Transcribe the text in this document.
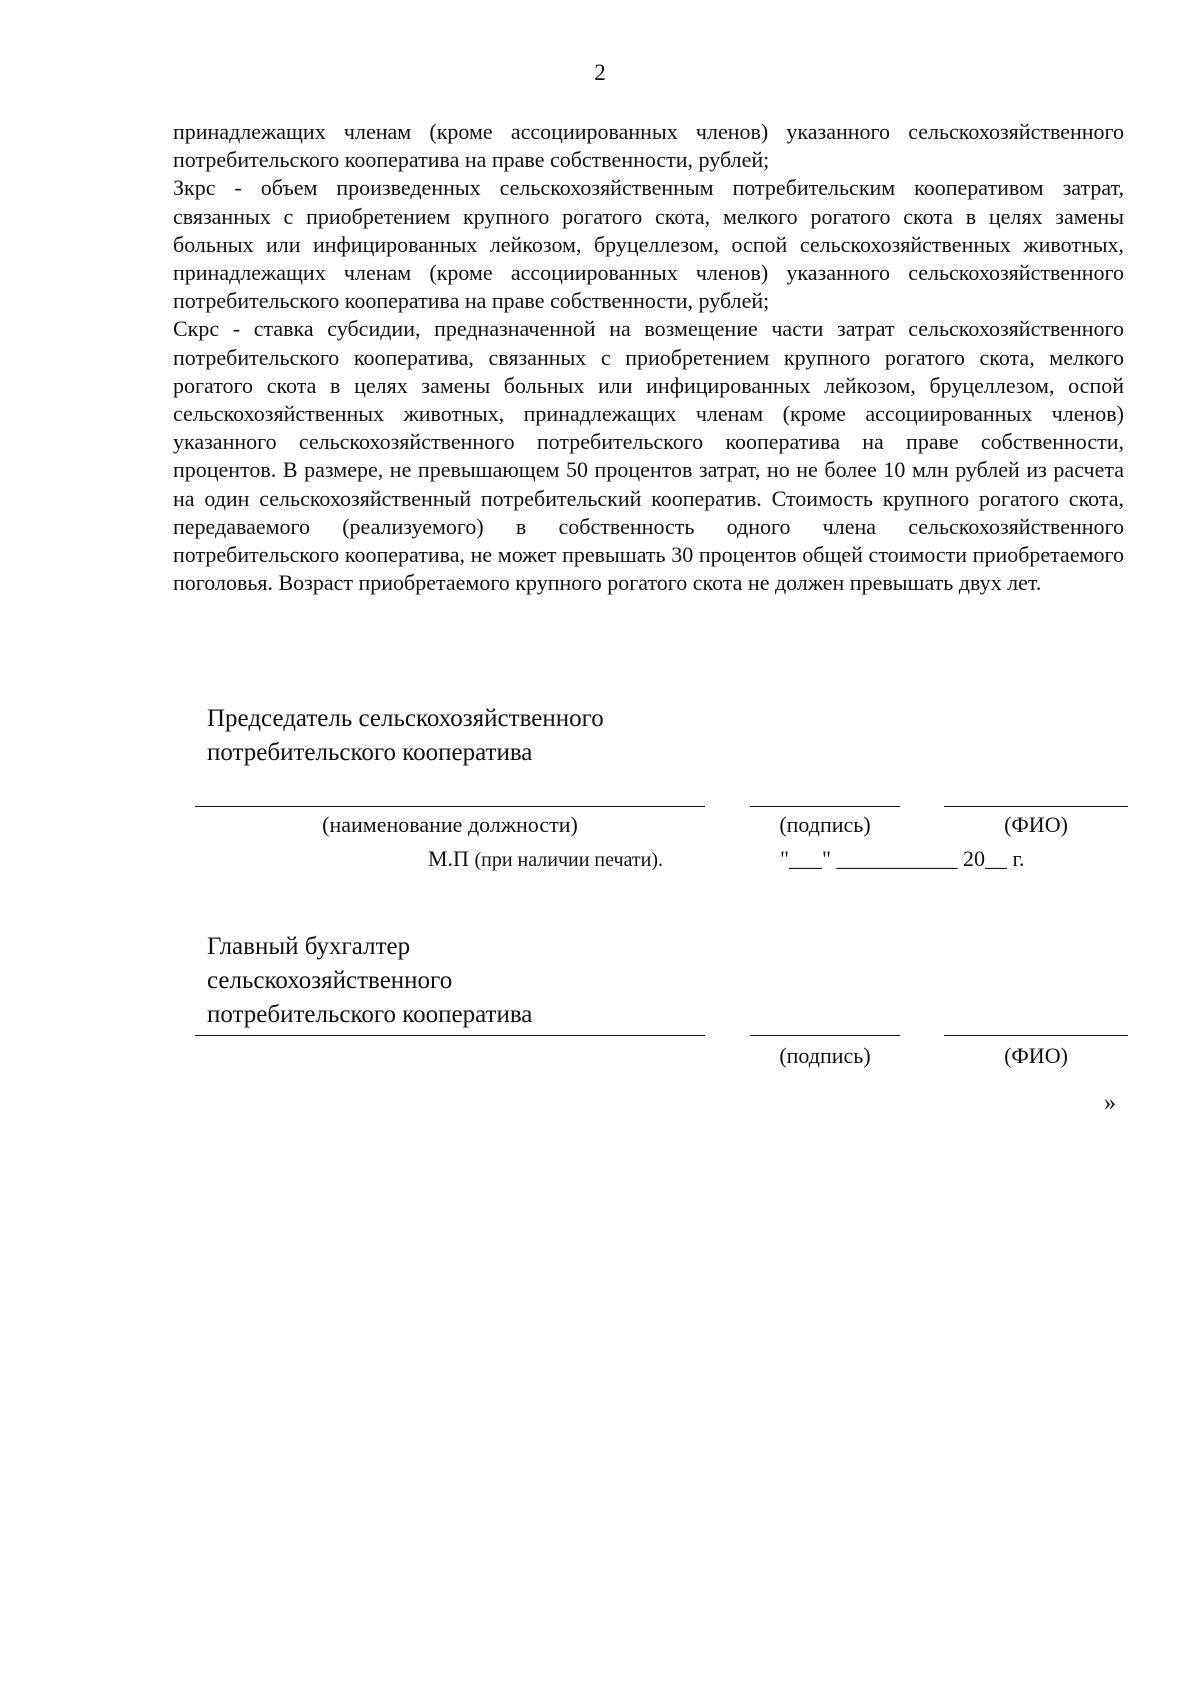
2

принадлежащих членам (кроме ассоциированных членов) указанного сельскохозяйственного потребительского кооператива на праве собственности, рублей;

Зкрс - объем произведенных сельскохозяйственным потребительским кооперативом затрат, связанных с приобретением крупного рогатого скота, мелкого рогатого скота в целях замены больных или инфицированных лейкозом, бруцеллезом, оспой сельскохозяйственных животных, принадлежащих членам (кроме ассоциированных членов) указанного сельскохозяйственного потребительского кооператива на праве собственности, рублей;

Скрс - ставка субсидии, предназначенной на возмещение части затрат сельскохозяйственного потребительского кооператива, связанных с приобретением крупного рогатого скота, мелкого рогатого скота в целях замены больных или инфицированных лейкозом, бруцеллезом, оспой сельскохозяйственных животных, принадлежащих членам (кроме ассоциированных членов) указанного сельскохозяйственного потребительского кооператива на праве собственности, процентов. В размере, не превышающем 50 процентов затрат, но не более 10 млн рублей из расчета на один сельскохозяйственный потребительский кооператив. Стоимость крупного рогатого скота, передаваемого (реализуемого) в собственность одного члена сельскохозяйственного потребительского кооператива, не может превышать 30 процентов общей стоимости приобретаемого поголовья. Возраст приобретаемого крупного рогатого скота не должен превышать двух лет.

Председатель сельскохозяйственного
потребительского кооператива
(наименование должности)	(подпись)	(ФИО)
М.П (при наличии печати).	"___" ___________ 20__ г.
Главный бухгалтер
сельскохозяйственного
потребительского кооператива
(подпись)	(ФИО)
»
